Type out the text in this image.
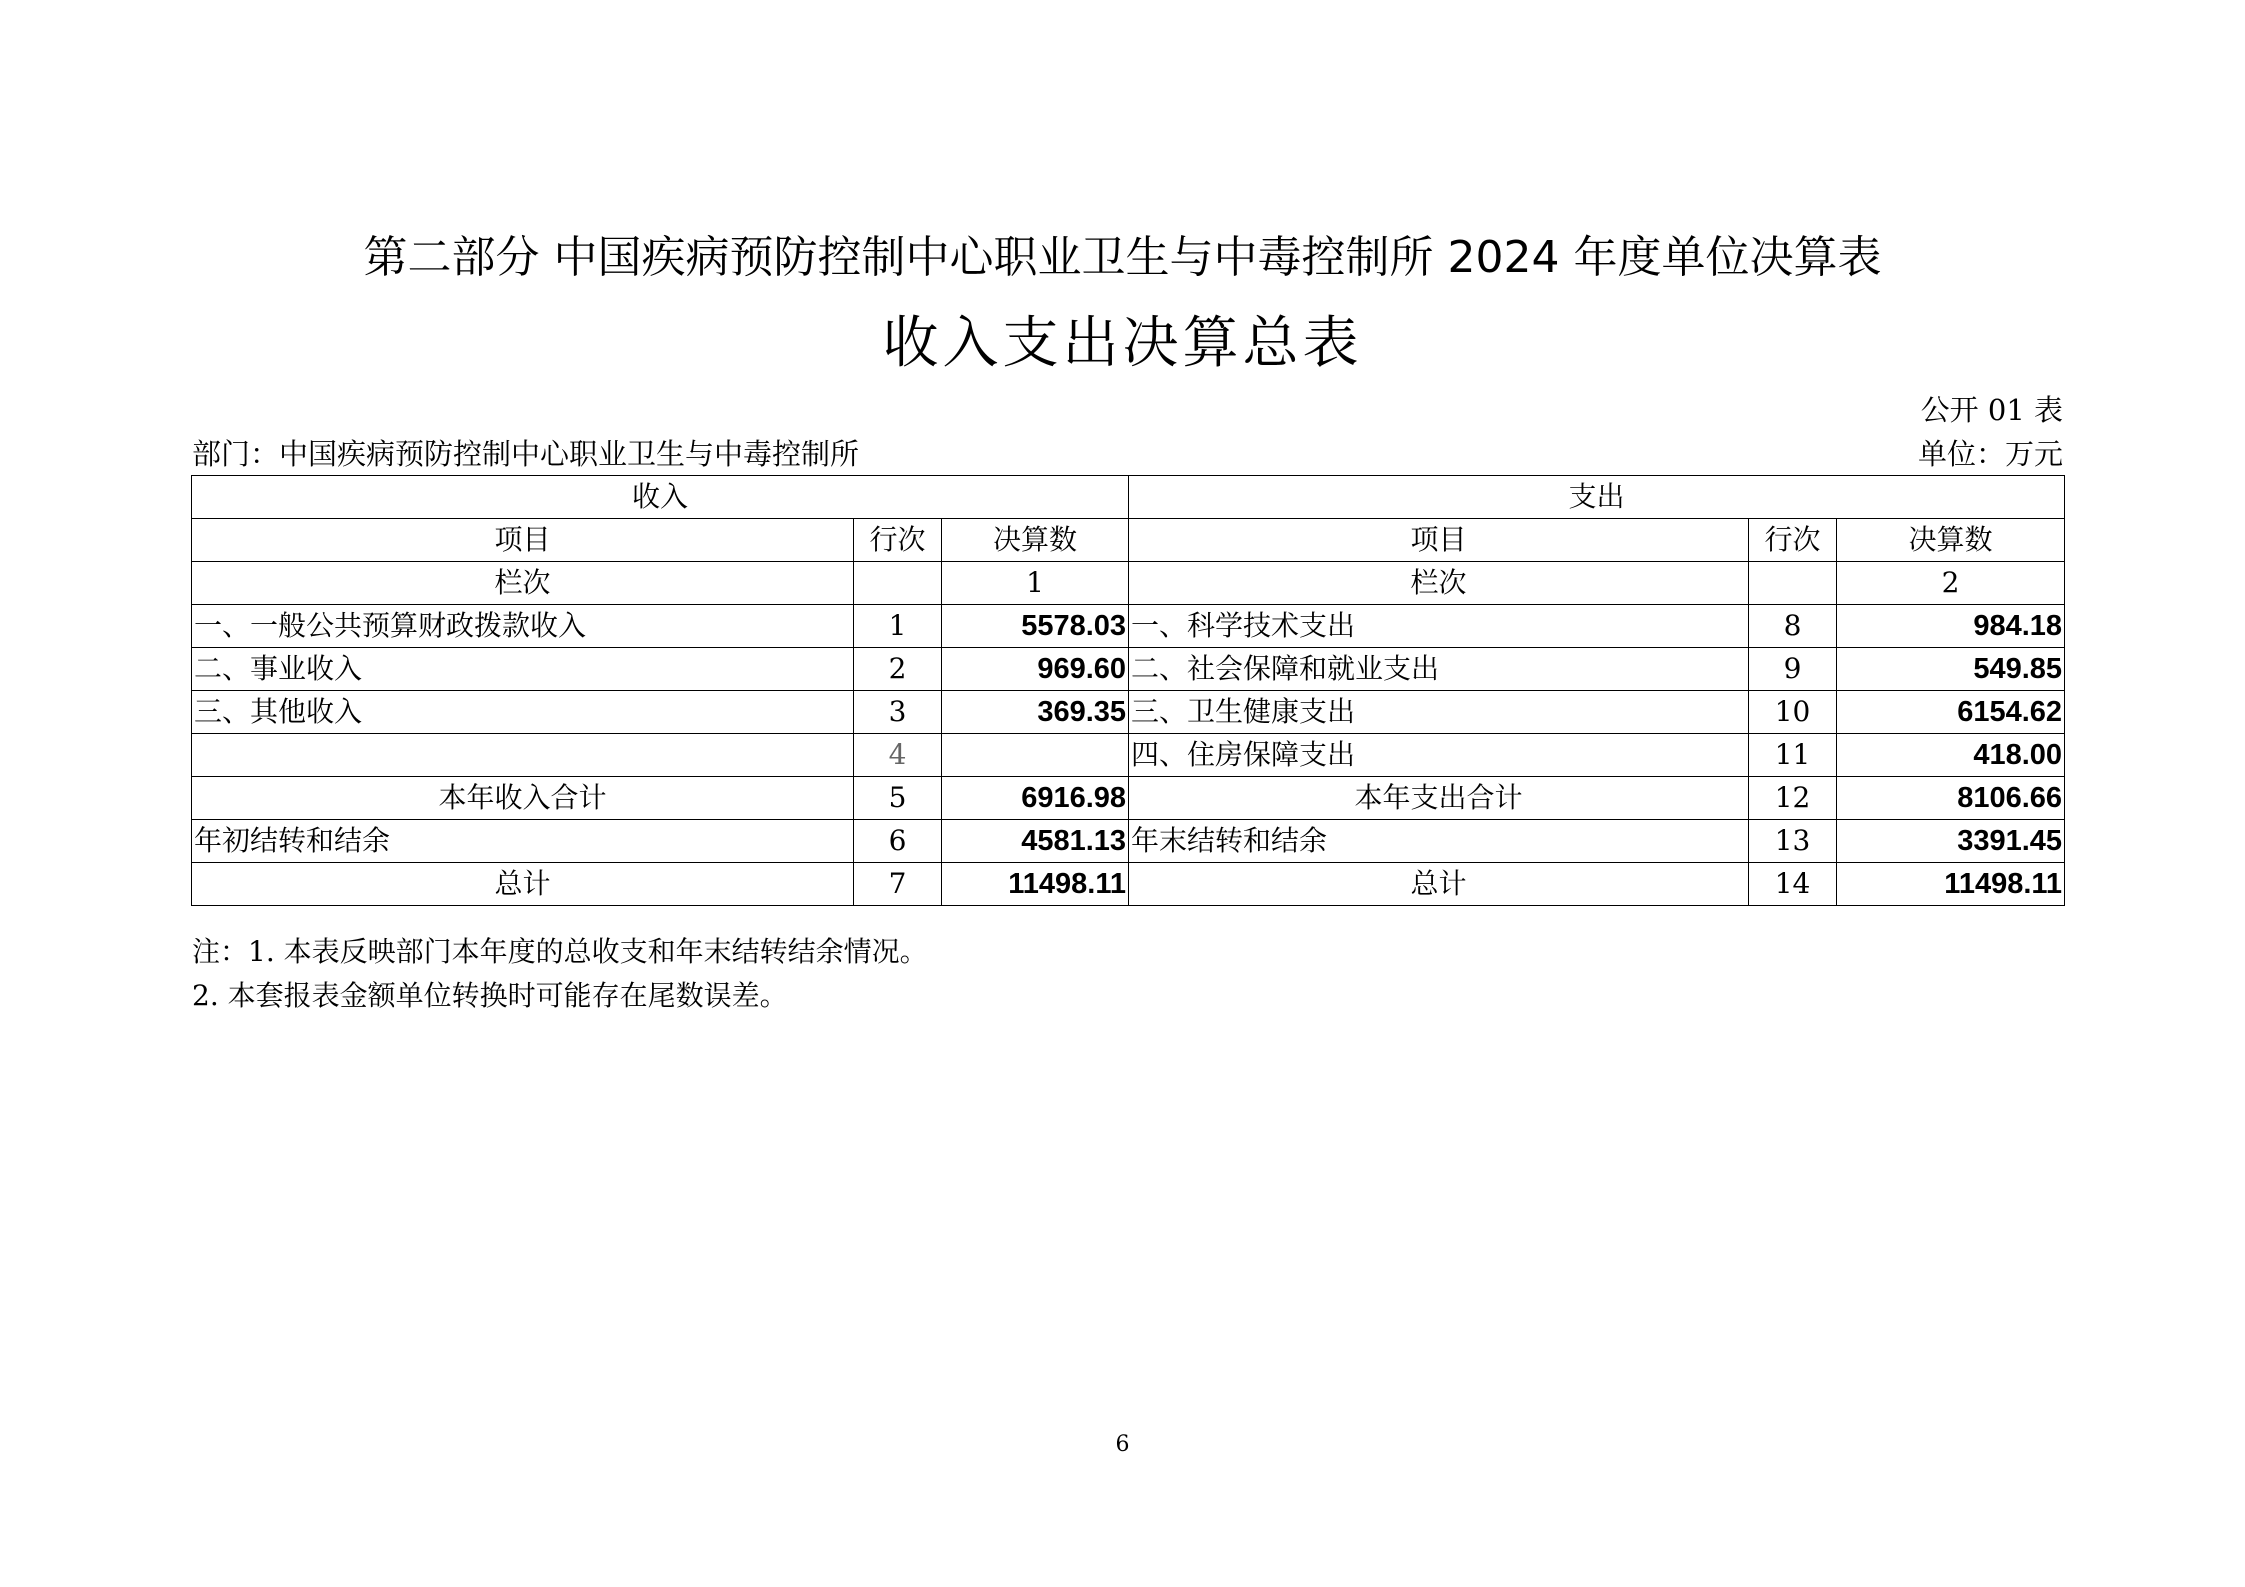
第二部分 中国疾病预防控制中心职业卫生与中毒控制所 2024 年度单位决算表
收入支出决算总表
公开 01 表
部门：中国疾病预防控制中心职业卫生与中毒控制所	单位：万元
收入			支出		
项目	行次	决算数	项目	行次	决算数
栏次		1	栏次		2
一、一般公共预算财政拨款收入	1	5578.03	一、科学技术支出	8	984.18
二、事业收入	2	969.60	二、社会保障和就业支出	9	549.85
三、其他收入	3	369.35	三、卫生健康支出	10	6154.62
	4		四、住房保障支出	11	418.00
本年收入合计	5	6916.98	本年支出合计	12	8106.66
年初结转和结余	6	4581.13	年末结转和结余	13	3391.45
总计	7	11498.11	总计	14	11498.11
注：1. 本表反映部门本年度的总收支和年末结转结余情况。
2. 本套报表金额单位转换时可能存在尾数误差。
6
